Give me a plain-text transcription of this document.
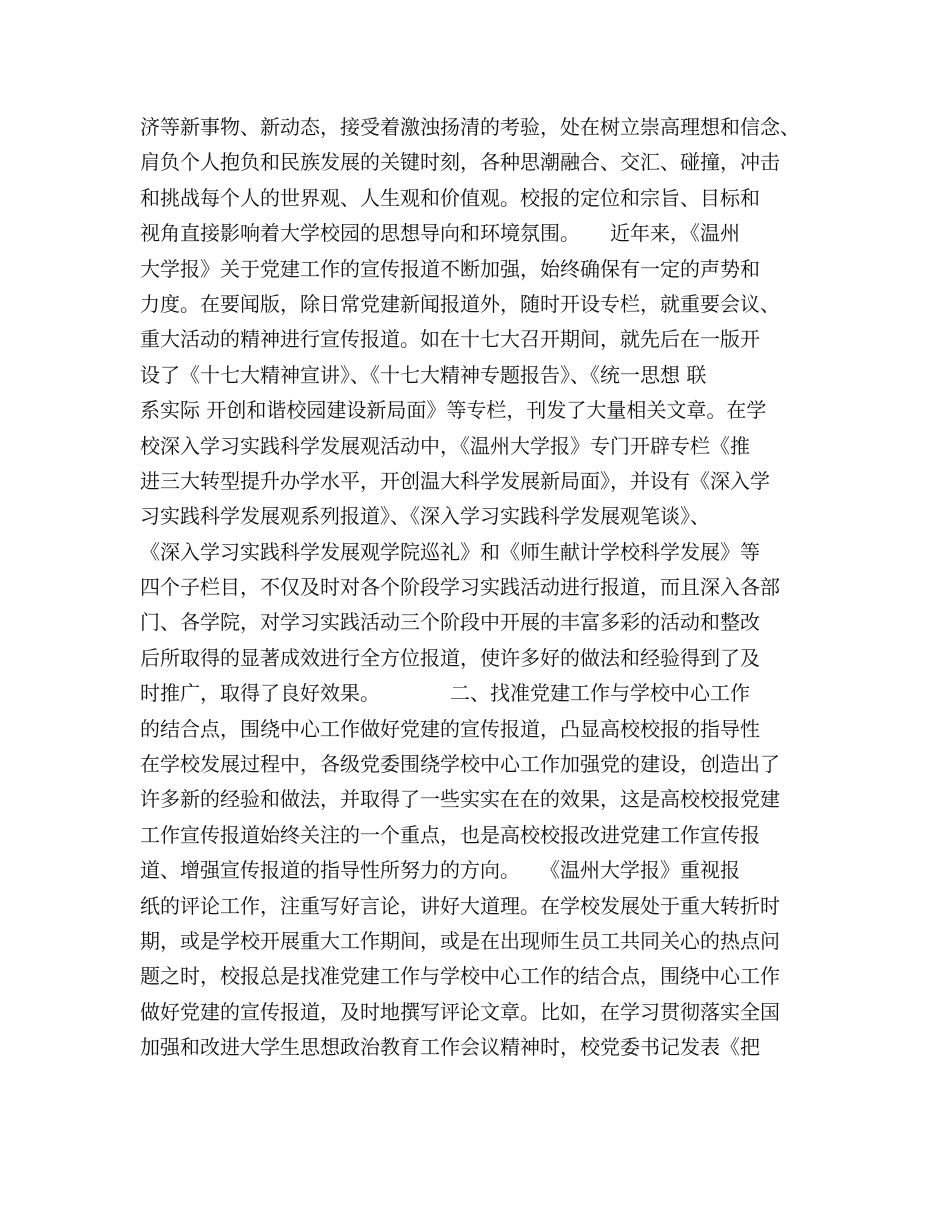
济等新事物、新动态，接受着激浊扬清的考验，处在树立崇高理想和信念、
肩负个人抱负和民族发展的关键时刻，各种思潮融合、交汇、碰撞，冲击
和挑战每个人的世界观、人生观和价值观。校报的定位和宗旨、目标和
视角直接影响着大学校园的思想导向和环境氛围。　　近年来，《温州
大学报》关于党建工作的宣传报道不断加强，始终确保有一定的声势和
力度。在要闻版，除日常党建新闻报道外，随时开设专栏，就重要会议、
重大活动的精神进行宣传报道。如在十七大召开期间，就先后在一版开
设了《十七大精神宣讲》、《十七大精神专题报告》、《统一思想 联
系实际 开创和谐校园建设新局面》等专栏，刊发了大量相关文章。在学
校深入学习实践科学发展观活动中，《温州大学报》专门开辟专栏《推
进三大转型提升办学水平，开创温大科学发展新局面》，并设有《深入学
习实践科学发展观系列报道》、《深入学习实践科学发展观笔谈》、
《深入学习实践科学发展观学院巡礼》和《师生献计学校科学发展》等
四个子栏目，不仅及时对各个阶段学习实践活动进行报道，而且深入各部
门、各学院，对学习实践活动三个阶段中开展的丰富多彩的活动和整改
后所取得的显著成效进行全方位报道，使许多好的做法和经验得到了及
时推广，取得了良好效果。　　　　二、找准党建工作与学校中心工作
的结合点，围绕中心工作做好党建的宣传报道，凸显高校校报的指导性
在学校发展过程中，各级党委围绕学校中心工作加强党的建设，创造出了
许多新的经验和做法，并取得了一些实实在在的效果，这是高校校报党建
工作宣传报道始终关注的一个重点，也是高校校报改进党建工作宣传报
道、增强宣传报道的指导性所努力的方向。　　《温州大学报》重视报
纸的评论工作，注重写好言论，讲好大道理。在学校发展处于重大转折时
期，或是学校开展重大工作期间，或是在出现师生员工共同关心的热点问
题之时，校报总是找准党建工作与学校中心工作的结合点，围绕中心工作
做好党建的宣传报道，及时地撰写评论文章。比如，在学习贯彻落实全国
加强和改进大学生思想政治教育工作会议精神时，校党委书记发表《把
